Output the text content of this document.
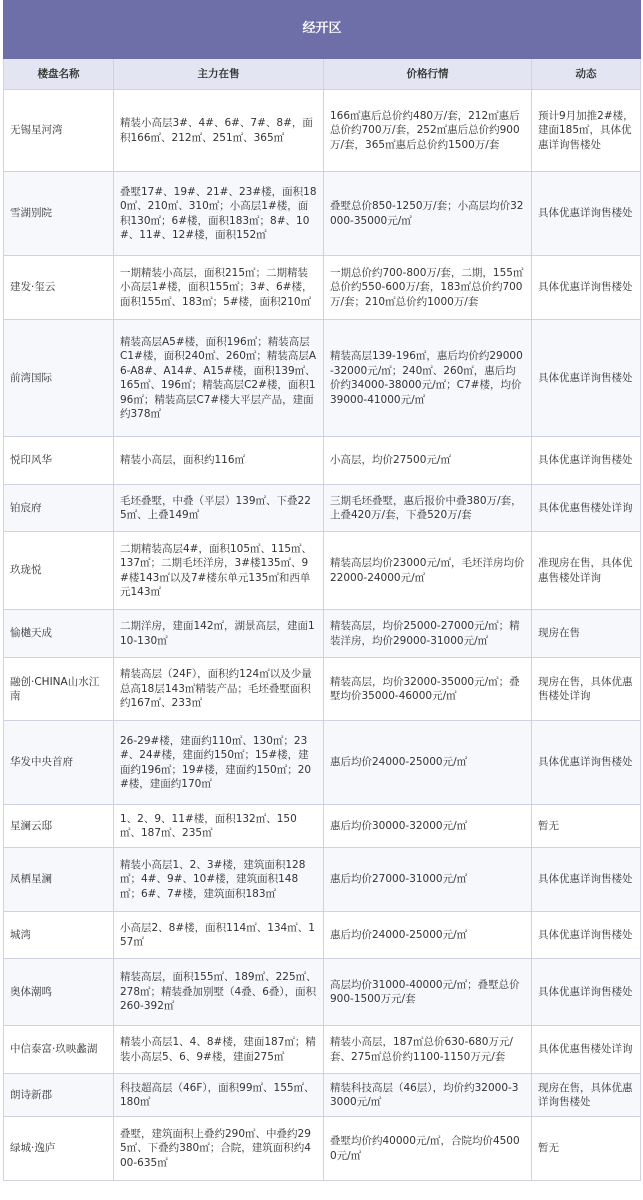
经开区			
楼盘名称	主力在售	价格行情	动态
无锡星河湾	精装小高层3#、4#、6#、7#、8#，面积166㎡、212㎡、251㎡、365㎡	166㎡惠后总价约480万/套，212㎡惠后总价约700万/套，252㎡惠后总价约900万/套，365㎡惠后总价约1500万/套	预计9月加推2#楼，建面185㎡，具体优惠详询售楼处
雪湖别院	叠墅17#、19#、21#、23#楼，面积180㎡、210㎡、310㎡；小高层1#楼，面积130㎡；6#楼，面积183㎡；8#、10#、11#、12#楼，面积152㎡	叠墅总价850-1250万/套；小高层均价32000-35000元/㎡	具体优惠详询售楼处
建发·玺云	一期精装小高层，面积215㎡；二期精装小高层1#楼，面积155㎡；3#、6#楼，面积155㎡、183㎡；5#楼，面积210㎡	一期总价约700-800万/套，二期，155㎡总价约550-600万/套，183㎡总价约700万/套；210㎡总价约1000万/套	具体优惠详询售楼处
前湾国际	精装高层A5#楼，面积196㎡；精装高层C1#楼，面积240㎡、260㎡；精装高层A6-A8#、A14#、A15#楼，面积139㎡、165㎡、196㎡；精装高层C2#楼，面积196㎡；精装高层C7#楼大平层产品，建面约378㎡	精装高层139-196㎡，惠后均价约29000-32000元/㎡；240㎡、260㎡，惠后均价约34000-38000元/㎡；C7#楼，均价39000-41000元/㎡	具体优惠详询售楼处
悦印风华	精装小高层，面积约116㎡	小高层，均价27500元/㎡	具体优惠详询售楼处
铂宸府	毛坯叠墅，中叠（平层）139㎡、下叠225㎡、上叠149㎡	三期毛坯叠墅，惠后报价中叠380万/套，上叠420万/套，下叠520万/套	具体优惠售楼处详询
玖珑悦	二期精装高层4#，面积105㎡、115㎡、137㎡；二期毛坯洋房，3#楼135㎡、9#楼143㎡以及7#楼东单元135㎡和西单元143㎡	精装高层均价23000元/㎡，毛坯洋房均价22000-24000元/㎡	准现房在售，具体优惠售楼处详询
愉樾天成	二期洋房，建面142㎡，湖景高层，建面110-130㎡	精装高层，均价25000-27000元/㎡；精装洋房，均价29000-31000元/㎡	现房在售
融创·CHINA山水江南	精装高层（24F），面积约124㎡以及少量总高18层143㎡精装产品；毛坯叠墅面积约167㎡、233㎡	精装高层，均价32000-35000元/㎡；叠墅均价35000-46000元/㎡	现房在售，具体优惠售楼处详询
华发中央首府	26-29#楼，建面约110㎡、130㎡；23#、24#楼，建面约150㎡；15#楼，建面约196㎡；19#楼，建面约150㎡；20#楼，建面约170㎡	惠后均价24000-25000元/㎡	具体优惠详询售楼处
星澜云邸	1、2、9、11#楼，面积132㎡、150㎡、187㎡、235㎡	惠后均价30000-32000元/㎡	暂无
凤栖星澜	精装小高层1、2、3#楼，建筑面积128㎡；4#、9#、10#楼，建筑面积148㎡；6#、7#楼，建筑面积183㎡	惠后均价27000-31000元/㎡	具体优惠详询售楼处
城湾	小高层2、8#楼，面积114㎡、134㎡、157㎡	惠后均价24000-25000元/㎡	具体优惠详询售楼处
奥体潮鸣	精装高层，面积155㎡、189㎡、225㎡、278㎡；精装叠加别墅（4叠、6叠），面积260-392㎡	高层均价31000-40000元/㎡；叠墅总价900-1500万元/套	具体优惠详询售楼处
中信泰富·玖映蠡湖	精装小高层1、4、8#楼，建面187㎡；精装小高层5、6、9#楼，建面275㎡	精装小高层，187㎡总价630-680万元/套、275㎡总价约1100-1150万元/套	具体优惠售楼处详询
朗诗新郡	科技超高层（46F），面积99㎡、155㎡、180㎡	精装科技高层（46层），均价约32000-33000元/㎡	现房在售，具体优惠详询售楼处
绿城·逸庐	叠墅，建筑面积上叠约290㎡、中叠约295㎡、下叠约380㎡；合院，建筑面积约400-635㎡	叠墅均价约40000元/㎡，合院均价45000元/㎡	暂无
